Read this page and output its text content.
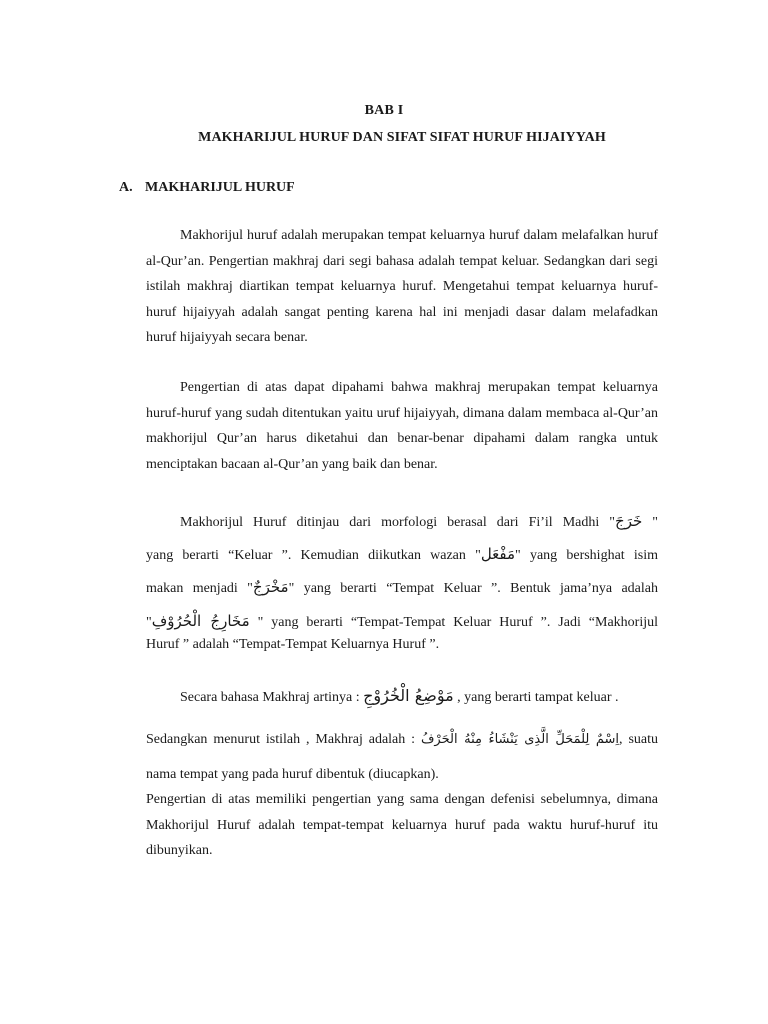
BAB I
MAKHARIJUL HURUF DAN SIFAT SIFAT HURUF HIJAIYYAH
A. MAKHARIJUL HURUF
Makhorijul huruf adalah merupakan tempat keluarnya huruf dalam melafalkan huruf al-Qur’an. Pengertian makhraj dari segi bahasa adalah tempat keluar. Sedangkan dari segi istilah makhraj diartikan tempat keluarnya huruf. Mengetahui tempat keluarnya huruf-huruf hijaiyyah adalah sangat penting karena hal ini menjadi dasar dalam melafadkan huruf hijaiyyah secara benar.
Pengertian di atas dapat dipahami bahwa makhraj merupakan tempat keluarnya huruf-huruf yang sudah ditentukan yaitu uruf hijaiyyah, dimana dalam membaca al-Qur’an makhorijul Qur’an harus diketahui dan benar-benar dipahami dalam rangka untuk menciptakan bacaan al-Qur’an yang baik dan benar.
Makhorijul Huruf ditinjau dari morfologi berasal dari Fi’il Madhi "خَرَجَ "
yang berarti “Keluar ”. Kemudian diikutkan wazan "مَفْعَل" yang bershighat isim
makan menjadi "مَخْرَجٌ" yang berarti “Tempat Keluar ”. Bentuk jama’nya adalah
"مَخَارِجُ الْحُرُوْفِ " yang berarti “Tempat-Tempat Keluar Huruf ”. Jadi “Makhorijul
Huruf ” adalah “Tempat-Tempat Keluarnya Huruf ”.
Secara bahasa Makhraj artinya : مَوْضِعُ الْخُرُوْجِ , yang berarti tampat keluar .
Sedangkan menurut istilah , Makhraj adalah : اِسْمٌ لِلْمَحَلِّ الَّذِى يَنْشَاءُ مِنْهُ الْحَرْفُ, suatu
nama tempat yang pada huruf dibentuk (diucapkan).
Pengertian di atas memiliki pengertian yang sama dengan defenisi sebelumnya, dimana Makhorijul Huruf adalah tempat-tempat keluarnya huruf pada waktu huruf-huruf itu dibunyikan.
